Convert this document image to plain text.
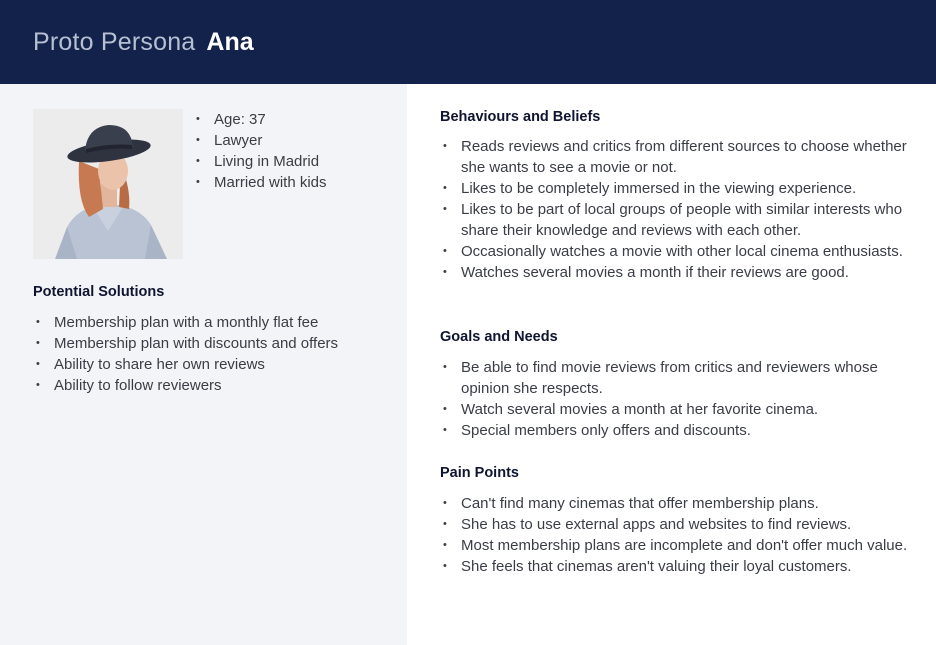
Proto Persona Ana
• Age: 37
• Lawyer
• Living in Madrid
• Married with kids
Potential Solutions
• Membership plan with a monthly flat fee
• Membership plan with discounts and offers
• Ability to share her own reviews
• Ability to follow reviewers
Behaviours and Beliefs
• Reads reviews and critics from different sources to choose whether she wants to see a movie or not.
• Likes to be completely immersed in the viewing experience.
• Likes to be part of local groups of people with similar interests who share their knowledge and reviews with each other.
• Occasionally watches a movie with other local cinema enthusiasts.
• Watches several movies a month if their reviews are good.
Goals and Needs
• Be able to find movie reviews from critics and reviewers whose opinion she respects.
• Watch several movies a month at her favorite cinema.
• Special members only offers and discounts.
Pain Points
• Can't find many cinemas that offer membership plans.
• She has to use external apps and websites to find reviews.
• Most membership plans are incomplete and don't offer much value.
• She feels that cinemas aren't valuing their loyal customers.
